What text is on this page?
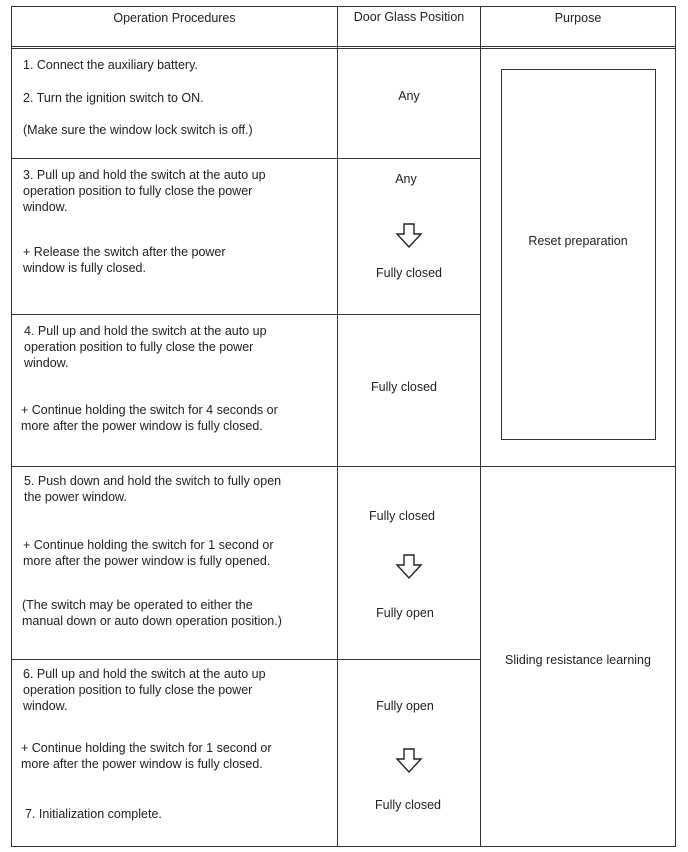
Operation Procedures	Door Glass Position	Purpose
1. Connect the auxiliary battery.
2. Turn the ignition switch to ON.
(Make sure the window lock switch is off.)
Any
3. Pull up and hold the switch at the auto up
operation position to fully close the power
window.
+ Release the switch after the power
window is fully closed.
Any
Fully closed
4. Pull up and hold the switch at the auto up
operation position to fully close the power
window.
+ Continue holding the switch for 4 seconds or
more after the power window is fully closed.
Fully closed
5. Push down and hold the switch to fully open
the power window.
+ Continue holding the switch for 1 second or
more after the power window is fully opened.
(The switch may be operated to either the
manual down or auto down operation position.)
Fully closed
Fully open
6. Pull up and hold the switch at the auto up
operation position to fully close the power
window.
+ Continue holding the switch for 1 second or
more after the power window is fully closed.
7. Initialization complete.
Fully open
Fully closed
Reset preparation
Sliding resistance learning
